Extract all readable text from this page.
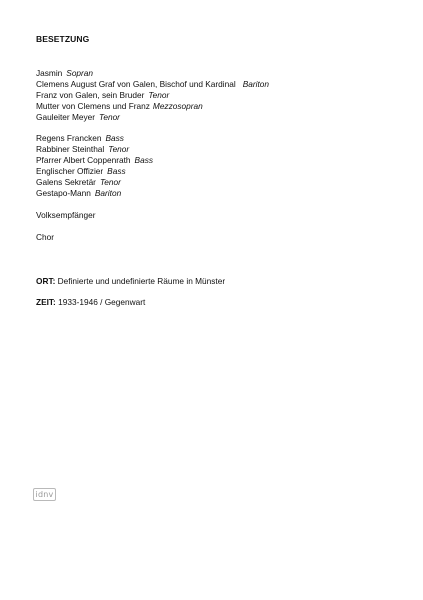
BESETZUNG
Jasmin Sopran
Clemens August Graf von Galen, Bischof und Kardinal Bariton
Franz von Galen, sein Bruder Tenor
Mutter von Clemens und Franz Mezzosopran
Gauleiter Meyer Tenor
Regens Francken Bass
Rabbiner Steinthal Tenor
Pfarrer Albert Coppenrath Bass
Englischer Offizier Bass
Galens Sekretär Tenor
Gestapo-Mann Bariton
Volksempfänger
Chor
ORT: Definierte und undefinierte Räume in Münster
ZEIT: 1933-1946 / Gegenwart
idnv
